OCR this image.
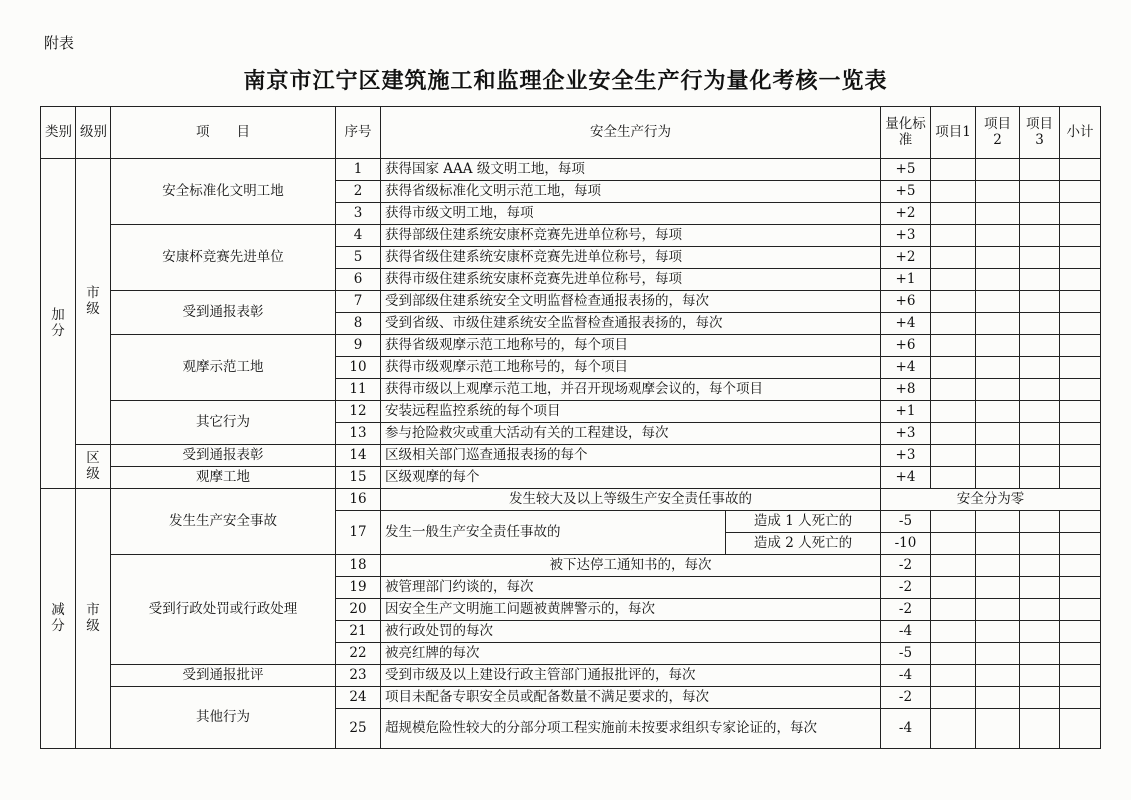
附表
南京市江宁区建筑施工和监理企业安全生产行为量化考核一览表
类别	级别	项　　目	序号	安全生产行为		量化标准	项目1	项目2	项目3	小计
加分	市级	安全标准化文明工地	1	获得国家 AAA 级文明工地，每项		+5				
			2	获得省级标准化文明示范工地，每项		+5				
			3	获得市级文明工地，每项		+2				
		安康杯竞赛先进单位	4	获得部级住建系统安康杯竞赛先进单位称号，每项		+3				
			5	获得省级住建系统安康杯竞赛先进单位称号，每项		+2				
			6	获得市级住建系统安康杯竞赛先进单位称号，每项		+1				
		受到通报表彰	7	受到部级住建系统安全文明监督检查通报表扬的，每次		+6				
			8	受到省级、市级住建系统安全监督检查通报表扬的，每次		+4				
		观摩示范工地	9	获得省级观摩示范工地称号的，每个项目		+6				
			10	获得市级观摩示范工地称号的，每个项目		+4				
			11	获得市级以上观摩示范工地，并召开现场观摩会议的，每个项目		+8				
		其它行为	12	安装远程监控系统的每个项目		+1				
			13	参与抢险救灾或重大活动有关的工程建设，每次		+3				
	区级	受到通报表彰	14	区级相关部门巡查通报表扬的每个		+3				
		观摩工地	15	区级观摩的每个		+4				
减分	市级	发生生产安全事故	16	发生较大及以上等级生产安全责任事故的		安全分为零				
			17	发生一般生产安全责任事故的	造成 1 人死亡的	-5				
					造成 2 人死亡的	-10				
		受到行政处罚或行政处理	18	被下达停工通知书的，每次		-2				
			19	被管理部门约谈的，每次		-2				
			20	因安全生产文明施工问题被黄牌警示的，每次		-2				
			21	被行政处罚的每次		-4				
			22	被亮红牌的每次		-5				
		受到通报批评	23	受到市级及以上建设行政主管部门通报批评的，每次		-4				
		其他行为	24	项目未配备专职安全员或配备数量不满足要求的，每次		-2				
			25	超规模危险性较大的分部分项工程实施前未按要求组织专家论证的，每次		-4				
